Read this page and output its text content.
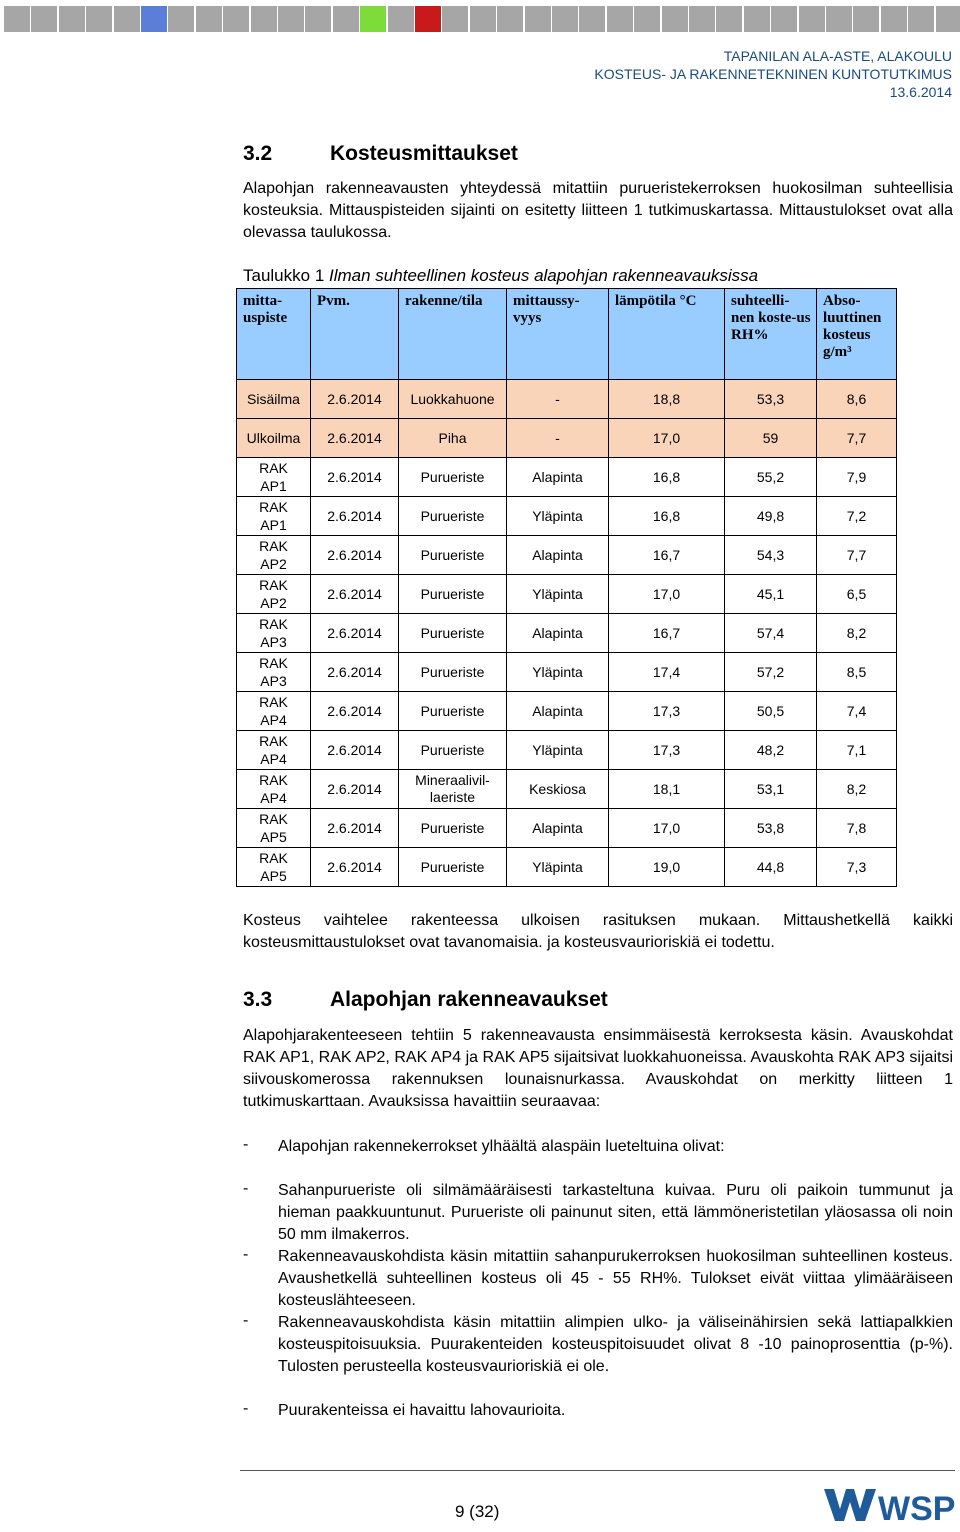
TAPANILAN ALA-ASTE, ALAKOULU
KOSTEUS- JA RAKENNETEKNINEN KUNTOTUTKIMUS
13.6.2014
3.2	Kosteusmittaukset
Alapohjan rakenneavausten yhteydessä mitattiin purueristekerroksen huokosilman suhteellisia kosteuksia. Mittauspisteiden sijainti on esitetty liitteen 1 tutkimuskartassa. Mittaustulokset ovat alla olevassa taulukossa.
Taulukko 1 Ilman suhteellinen kosteus alapohjan rakenneavauksissa
mitta-uspiste	Pvm.	rakenne/tila	mittaussy-vyys	lämpötila °C	suhteelli-nen koste-us RH%	Abso-luuttinen kosteus g/m³
Sisäilma	2.6.2014	Luokkahuone	-	18,8	53,3	8,6
Ulkoilma	2.6.2014	Piha	-	17,0	59	7,7
RAK AP1	2.6.2014	Purueriste	Alapinta	16,8	55,2	7,9
RAK AP1	2.6.2014	Purueriste	Yläpinta	16,8	49,8	7,2
RAK AP2	2.6.2014	Purueriste	Alapinta	16,7	54,3	7,7
RAK AP2	2.6.2014	Purueriste	Yläpinta	17,0	45,1	6,5
RAK AP3	2.6.2014	Purueriste	Alapinta	16,7	57,4	8,2
RAK AP3	2.6.2014	Purueriste	Yläpinta	17,4	57,2	8,5
RAK AP4	2.6.2014	Purueriste	Alapinta	17,3	50,5	7,4
RAK AP4	2.6.2014	Purueriste	Yläpinta	17,3	48,2	7,1
RAK AP4	2.6.2014	Mineraalivil-laeriste	Keskiosa	18,1	53,1	8,2
RAK AP5	2.6.2014	Purueriste	Alapinta	17,0	53,8	7,8
RAK AP5	2.6.2014	Purueriste	Yläpinta	19,0	44,8	7,3
Kosteus vaihtelee rakenteessa ulkoisen rasituksen mukaan. Mittaushetkellä kaikki kosteusmittaustulokset ovat tavanomaisia. ja kosteusvaurioriskiä ei todettu.
3.3	Alapohjan rakenneavaukset
Alapohjarakenteeseen tehtiin 5 rakenneavausta ensimmäisestä kerroksesta käsin. Avauskohdat RAK AP1, RAK AP2, RAK AP4 ja RAK AP5 sijaitsivat luokkahuoneissa. Avauskohta RAK AP3 sijaitsi siivouskomerossa rakennuksen lounaisnurkassa. Avauskohdat on merkitty liitteen 1 tutkimuskarttaan. Avauksissa havaittiin seuraavaa:
- Alapohjan rakennekerrokset ylhäältä alaspäin lueteltuina olivat:
- Sahanpurueriste oli silmämääräisesti tarkasteltuna kuivaa. Puru oli paikoin tummunut ja hieman paakkuuntunut. Purueriste oli painunut siten, että lämmöneristetilan yläosassa oli noin 50 mm ilmakerros.
- Rakenneavauskohdista käsin mitattiin sahanpurukerroksen huokosilman suhteellinen kosteus. Avaushetkellä suhteellinen kosteus oli 45 - 55 RH%. Tulokset eivät viittaa ylimääräiseen kosteuslähteeseen.
- Rakenneavauskohdista käsin mitattiin alimpien ulko- ja väliseinähirsien sekä lattiapalkkien kosteuspitoisuuksia. Puurakenteiden kosteuspitoisuudet olivat 8 -10 painoprosenttia (p-%). Tulosten perusteella kosteusvaurioriskiä ei ole.
- Puurakenteissa ei havaittu lahovaurioita.
9 (32)	WSP
